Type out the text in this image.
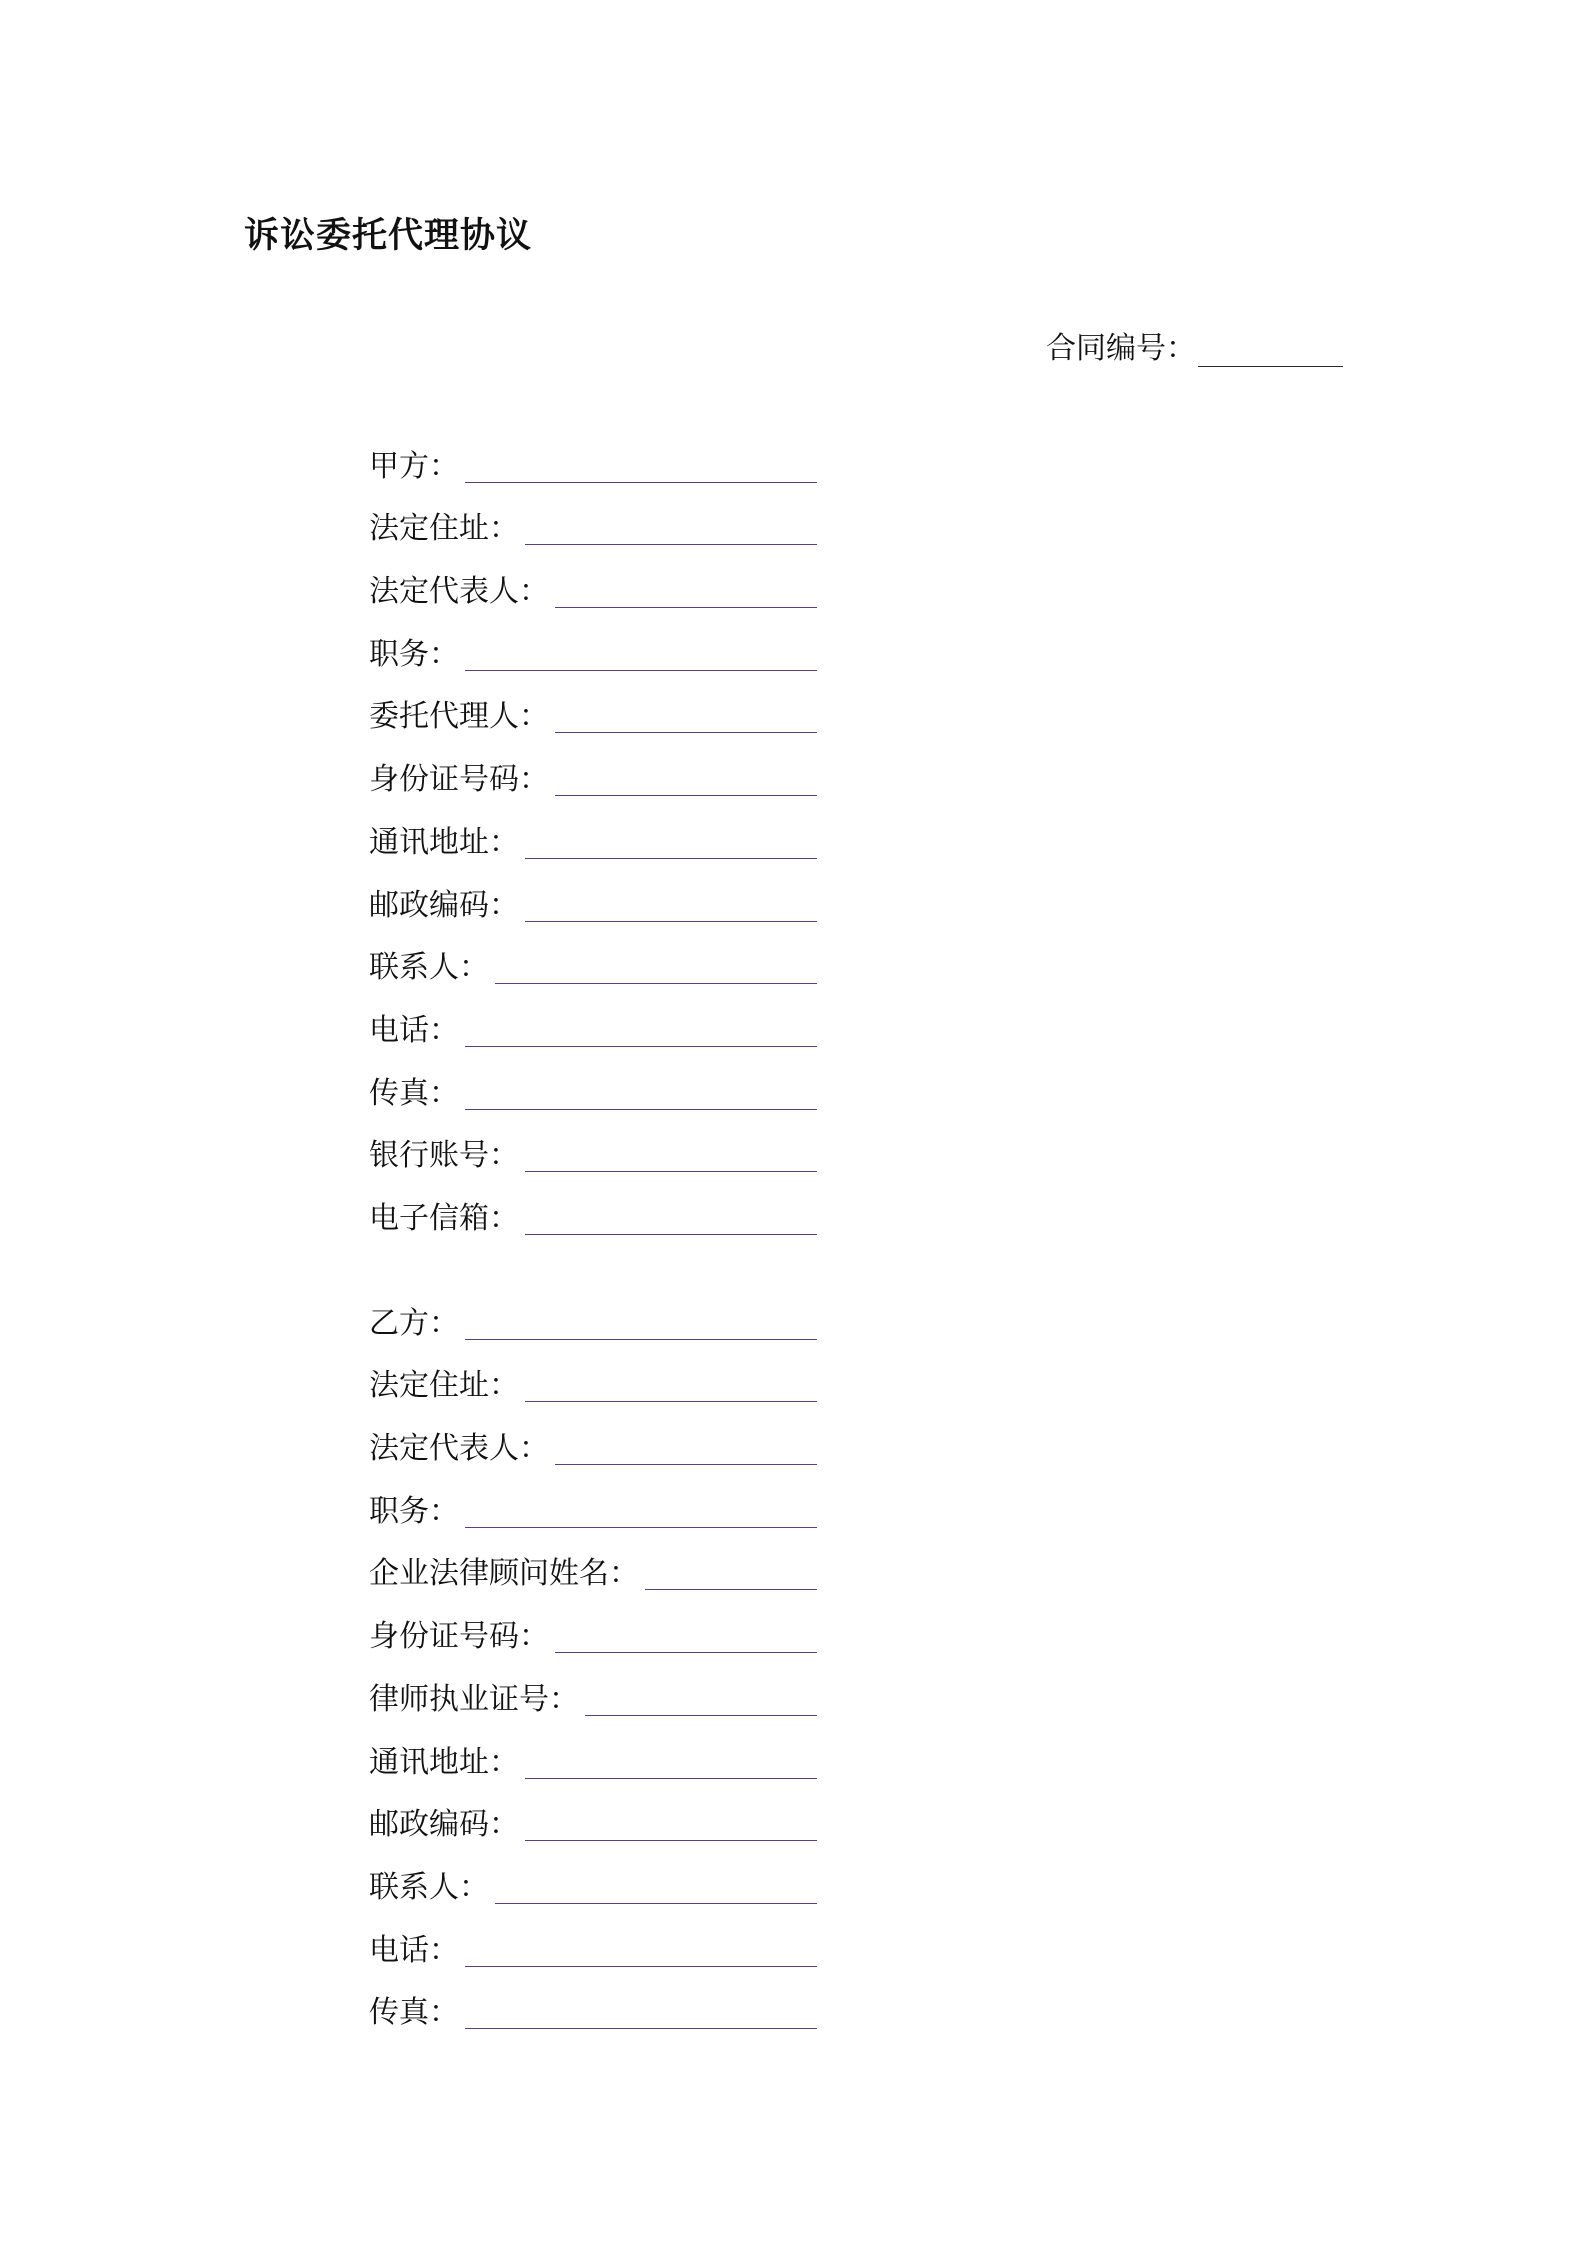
诉讼委托代理协议
合同编号：
甲方：
法定住址：
法定代表人：
职务：
委托代理人：
身份证号码：
通讯地址：
邮政编码：
联系人：
电话：
传真：
银行账号：
电子信箱：
乙方：
法定住址：
法定代表人：
职务：
企业法律顾问姓名：
身份证号码：
律师执业证号：
通讯地址：
邮政编码：
联系人：
电话：
传真：
